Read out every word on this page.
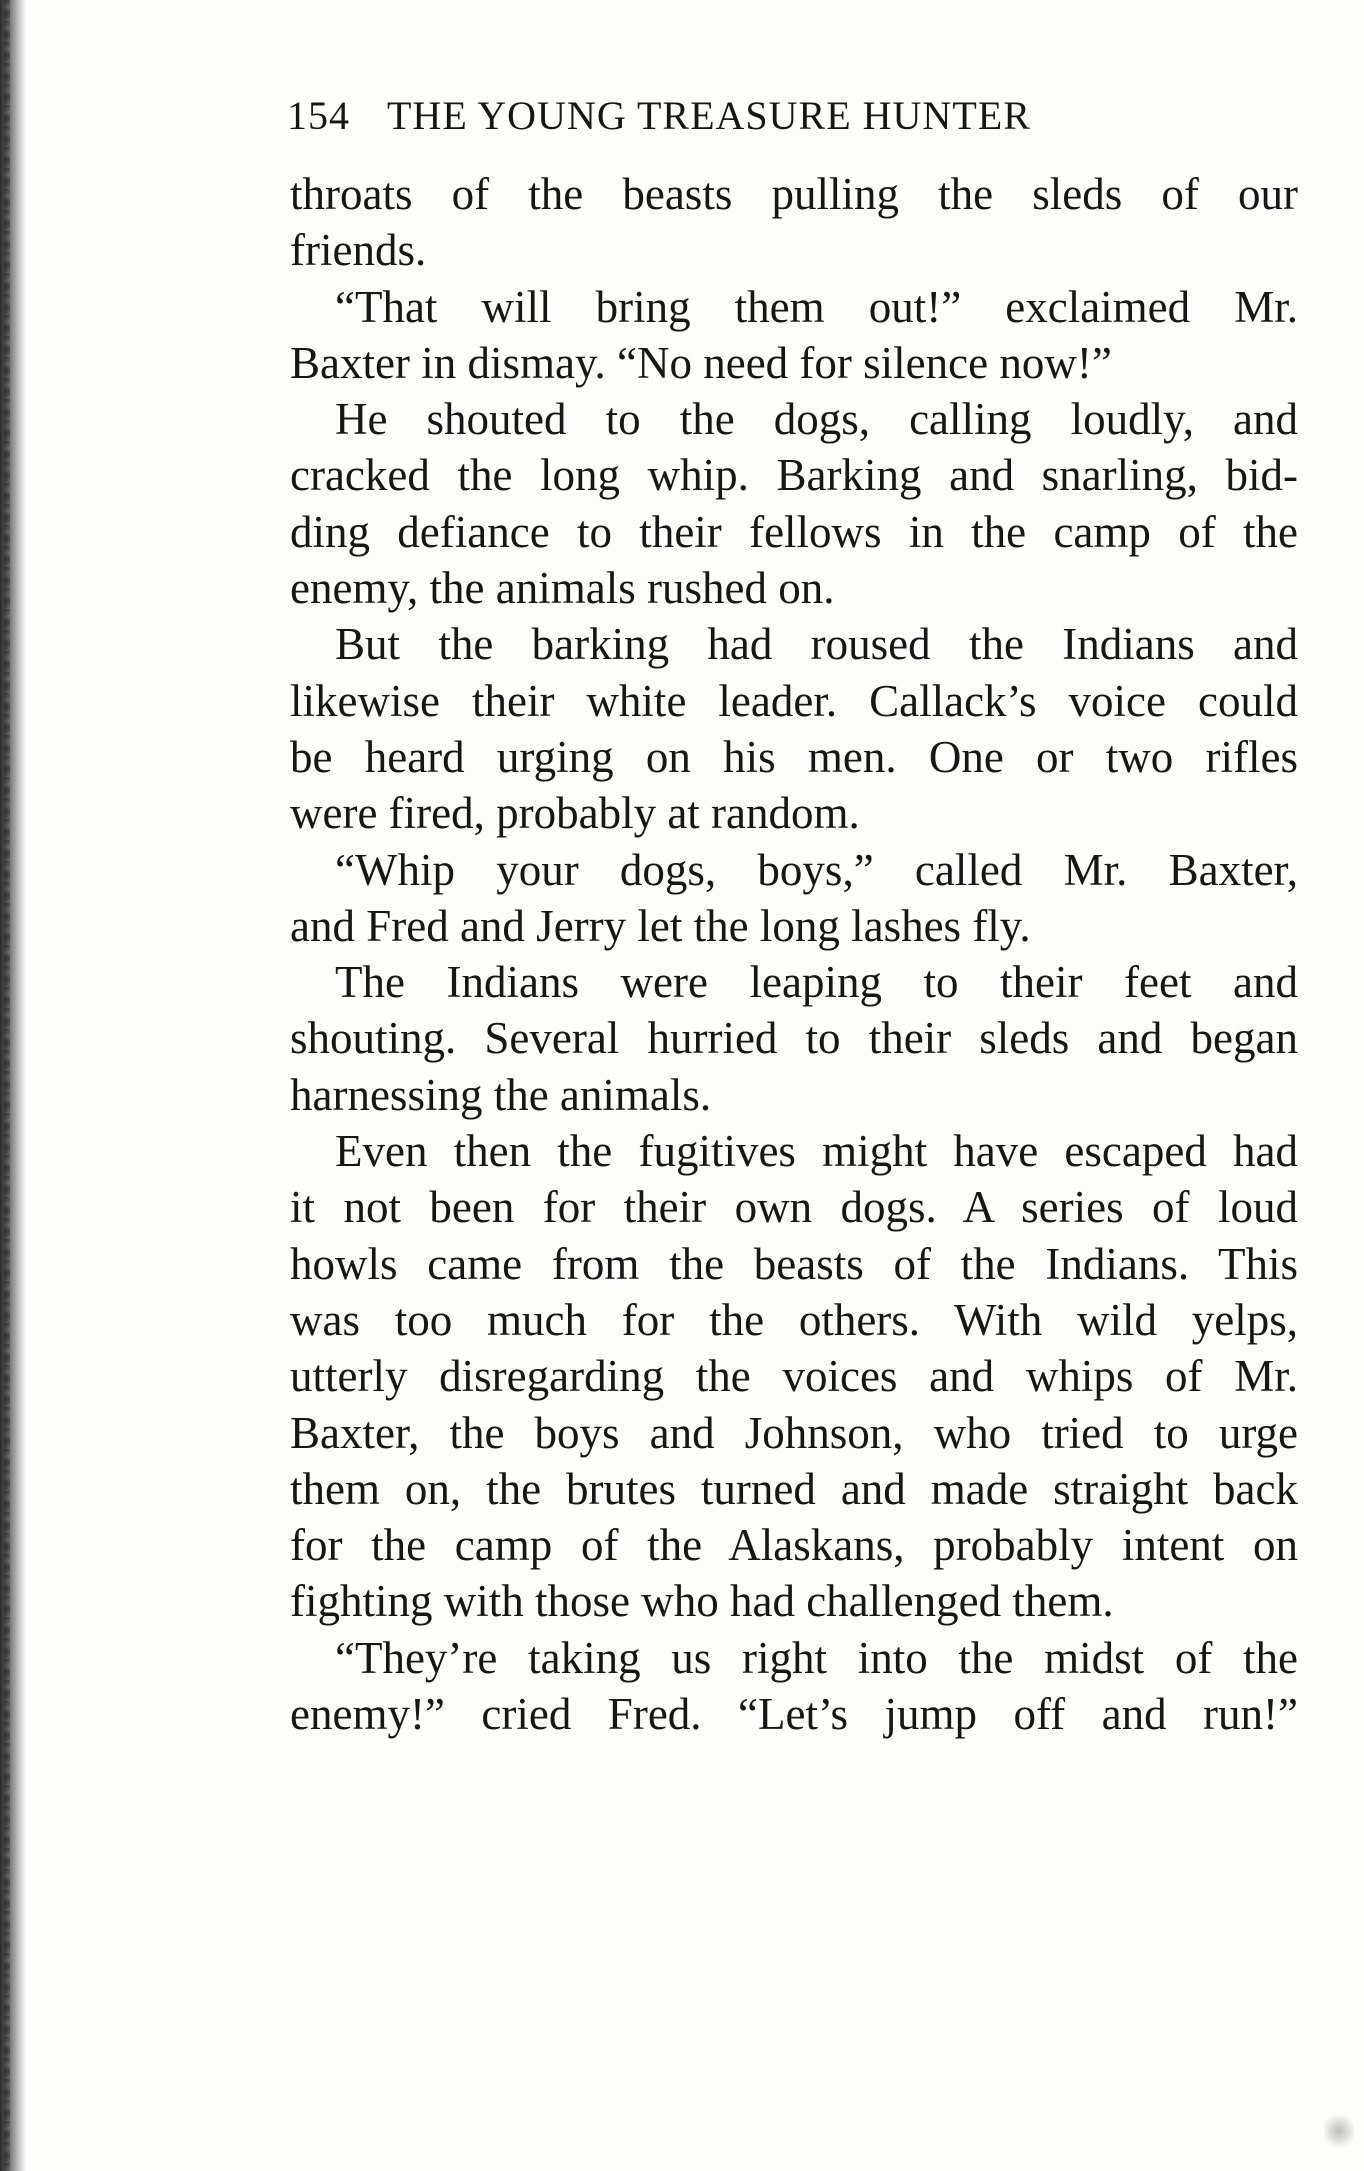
154 THE YOUNG TREASURE HUNTER
throats of the beasts pulling the sleds of our
friends.
“That will bring them out!” exclaimed Mr.
Baxter in dismay. “No need for silence now!”
He shouted to the dogs, calling loudly, and
cracked the long whip. Barking and snarling, bid-
ding defiance to their fellows in the camp of the
enemy, the animals rushed on.
But the barking had roused the Indians and
likewise their white leader. Callack’s voice could
be heard urging on his men. One or two rifles
were fired, probably at random.
“Whip your dogs, boys,” called Mr. Baxter,
and Fred and Jerry let the long lashes fly.
The Indians were leaping to their feet and
shouting. Several hurried to their sleds and began
harnessing the animals.
Even then the fugitives might have escaped had
it not been for their own dogs. A series of loud
howls came from the beasts of the Indians. This
was too much for the others. With wild yelps,
utterly disregarding the voices and whips of Mr.
Baxter, the boys and Johnson, who tried to urge
them on, the brutes turned and made straight back
for the camp of the Alaskans, probably intent on
fighting with those who had challenged them.
“They’re taking us right into the midst of the
enemy!” cried Fred. “Let’s jump off and run!”
